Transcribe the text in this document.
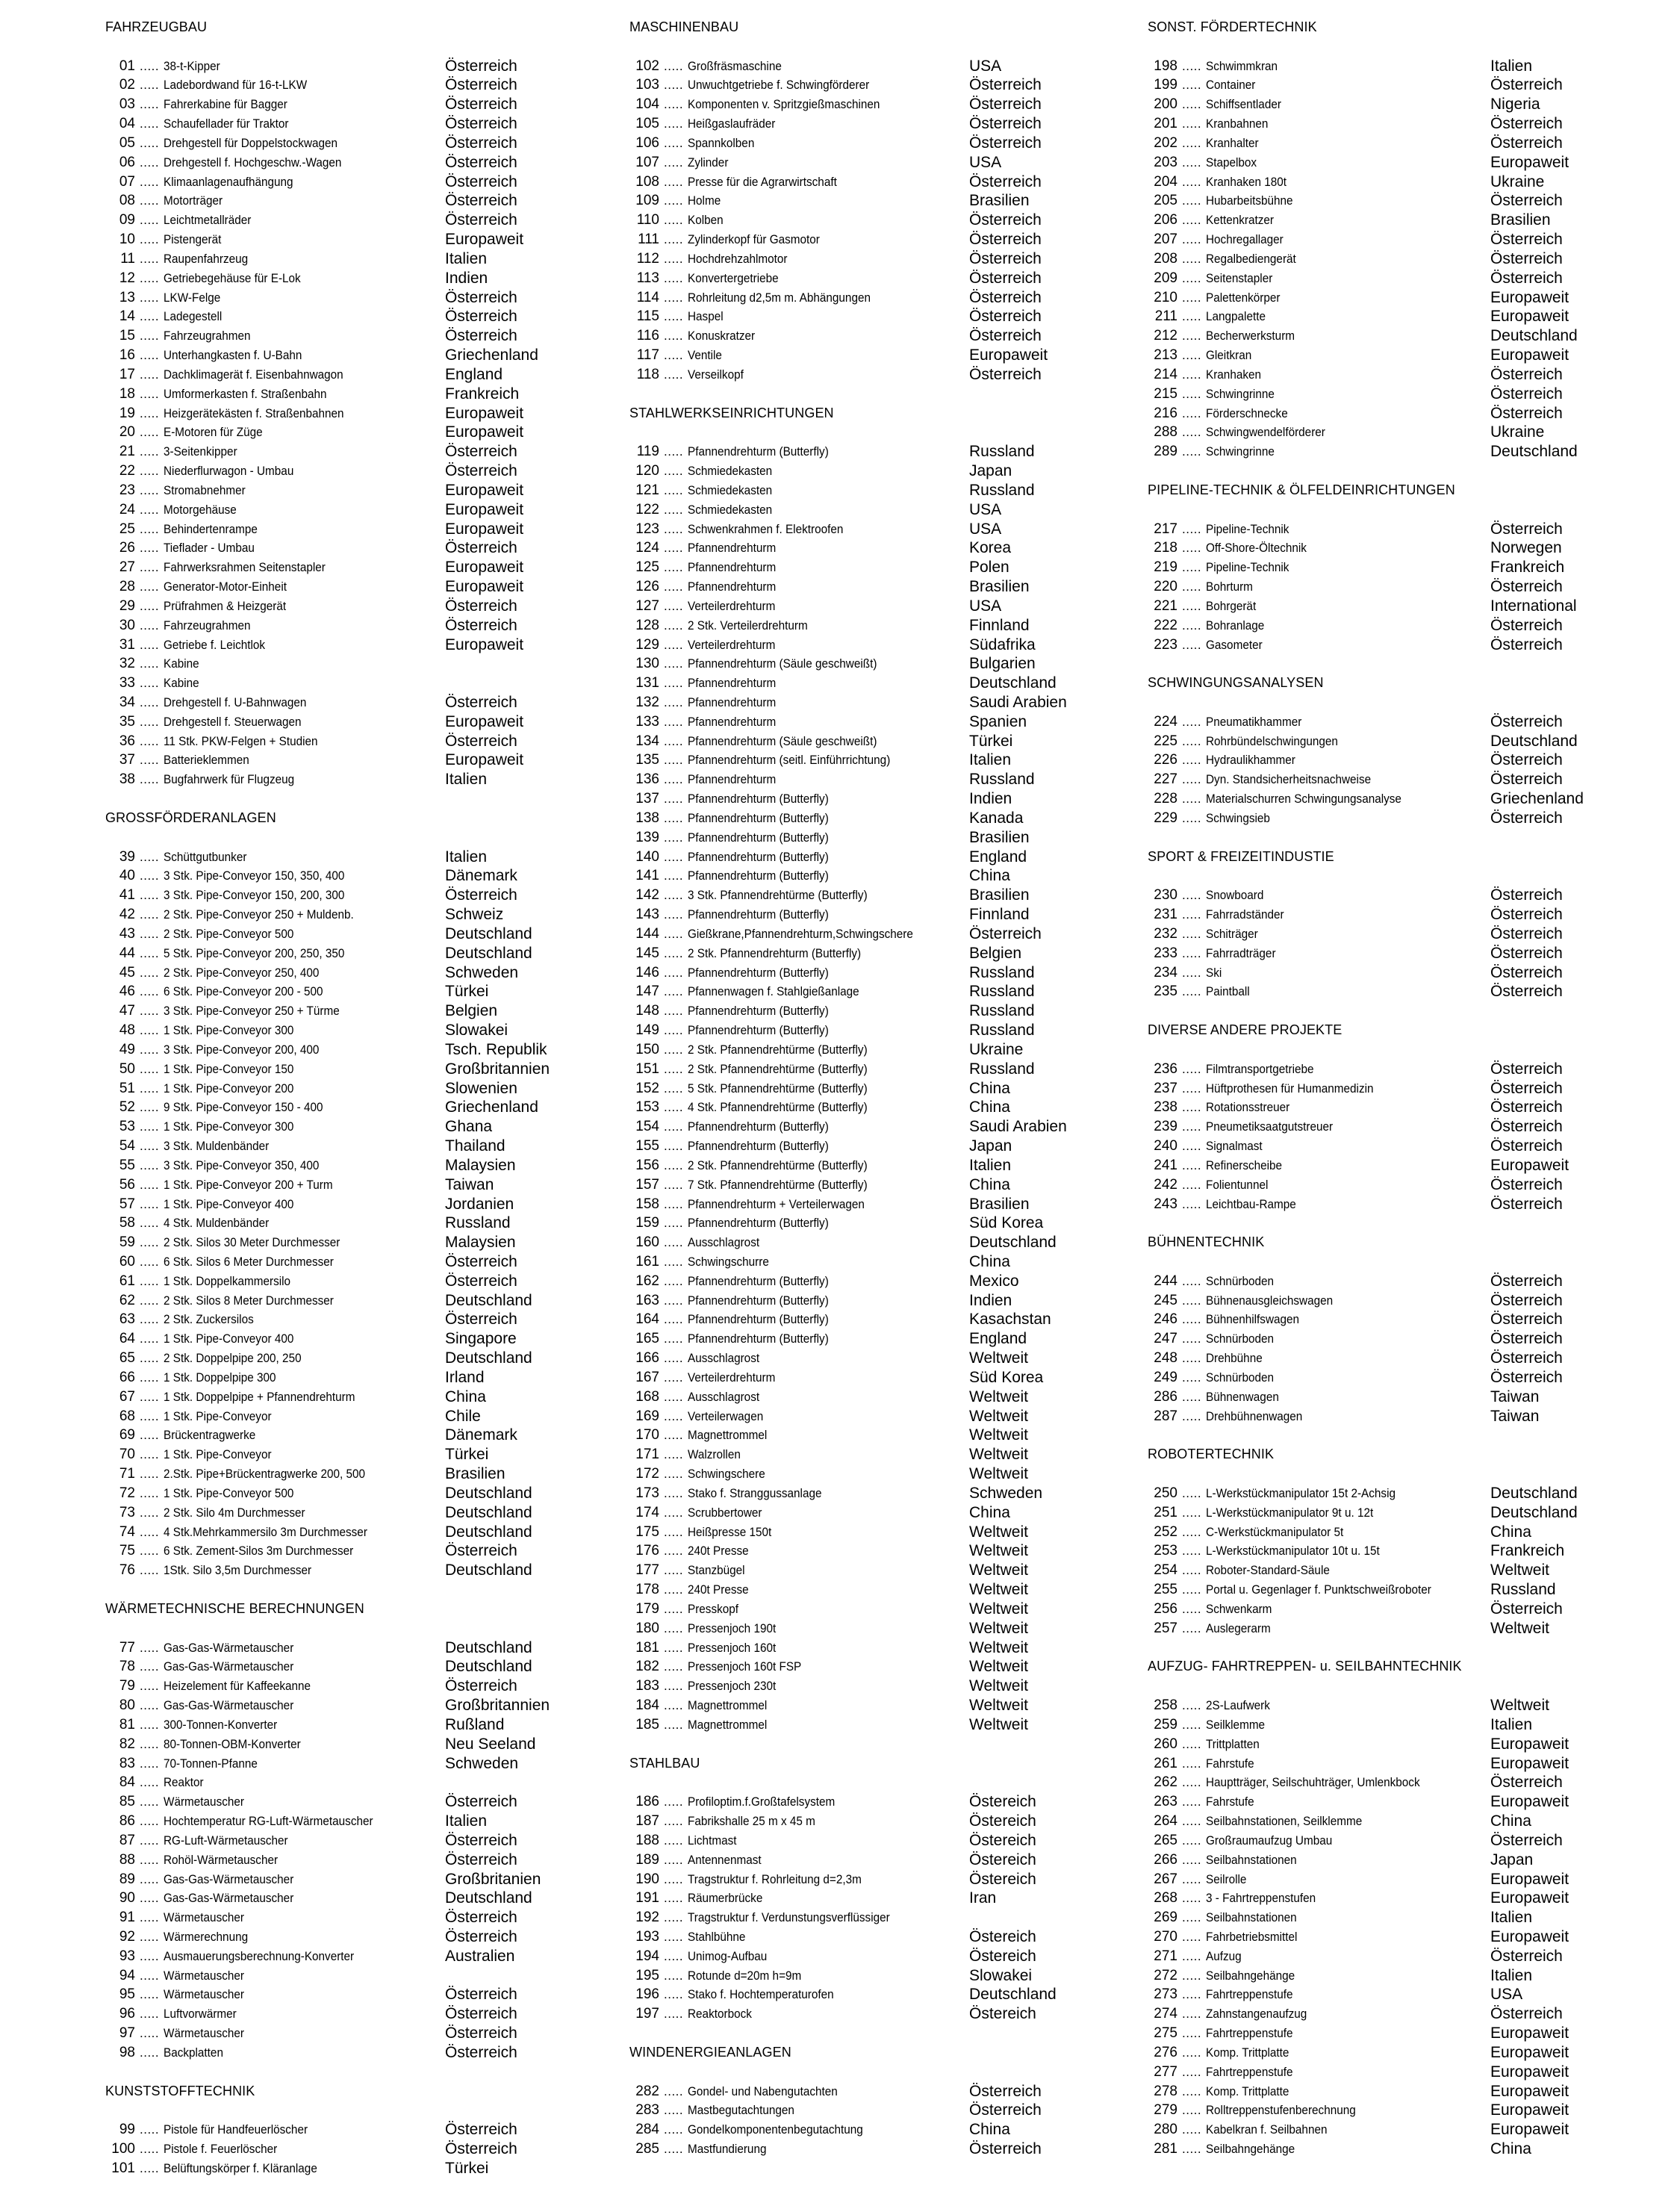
FAHRZEUGBAU
01 ..... 38-t-Kipper	Österreich
02 ..... Ladebordwand für 16-t-LKW	Österreich
03 ..... Fahrerkabine für Bagger	Österreich
04 ..... Schaufellader für Traktor	Österreich
05 ..... Drehgestell für Doppelstockwagen	Österreich
06 ..... Drehgestell f. Hochgeschw.-Wagen	Österreich
07 ..... Klimaanlagenaufhängung	Österreich
08 ..... Motorträger	Österreich
09 ..... Leichtmetallräder	Österreich
10 ..... Pistengerät	Europaweit
11 ..... Raupenfahrzeug	Italien
12 ..... Getriebegehäuse für E-Lok	Indien
13 ..... LKW-Felge	Österreich
14 ..... Ladegestell	Österreich
15 ..... Fahrzeugrahmen	Österreich
16 ..... Unterhangkasten f. U-Bahn	Griechenland
17 ..... Dachklimagerät f. Eisenbahnwagon	England
18 ..... Umformerkasten f. Straßenbahn	Frankreich
19 ..... Heizgerätekästen f. Straßenbahnen	Europaweit
20 ..... E-Motoren für Züge	Europaweit
21 ..... 3-Seitenkipper	Österreich
22 ..... Niederflurwagon - Umbau	Österreich
23 ..... Stromabnehmer	Europaweit
24 ..... Motorgehäuse	Europaweit
25 ..... Behindertenrampe	Europaweit
26 ..... Tieflader - Umbau	Österreich
27 ..... Fahrwerksrahmen Seitenstapler	Europaweit
28 ..... Generator-Motor-Einheit	Europaweit
29 ..... Prüfrahmen & Heizgerät	Österreich
30 ..... Fahrzeugrahmen	Österreich
31 ..... Getriebe f. Leichtlok	Europaweit
32 ..... Kabine
33 ..... Kabine
34 ..... Drehgestell f. U-Bahnwagen	Österreich
35 ..... Drehgestell f. Steuerwagen	Europaweit
36 ..... 11 Stk. PKW-Felgen + Studien	Österreich
37 ..... Batterieklemmen	Europaweit
38 ..... Bugfahrwerk für Flugzeug	Italien
GROSSFÖRDERANLAGEN
39 ..... Schüttgutbunker	Italien
40 ..... 3 Stk. Pipe-Conveyor 150, 350, 400	Dänemark
41 ..... 3 Stk. Pipe-Conveyor 150, 200, 300	Österreich
42 ..... 2 Stk. Pipe-Conveyor 250 + Muldenb.	Schweiz
43 ..... 2 Stk. Pipe-Conveyor 500	Deutschland
44 ..... 5 Stk. Pipe-Conveyor 200, 250, 350	Deutschland
45 ..... 2 Stk. Pipe-Conveyor 250, 400	Schweden
46 ..... 6 Stk. Pipe-Conveyor 200 - 500	Türkei
47 ..... 3 Stk. Pipe-Conveyor 250 + Türme	Belgien
48 ..... 1 Stk. Pipe-Conveyor 300	Slowakei
49 ..... 3 Stk. Pipe-Conveyor 200, 400	Tsch. Republik
50 ..... 1 Stk. Pipe-Conveyor 150	Großbritannien
51 ..... 1 Stk. Pipe-Conveyor 200	Slowenien
52 ..... 9 Stk. Pipe-Conveyor 150 - 400	Griechenland
53 ..... 1 Stk. Pipe-Conveyor 300	Ghana
54 ..... 3 Stk. Muldenbänder	Thailand
55 ..... 3 Stk. Pipe-Conveyor 350, 400	Malaysien
56 ..... 1 Stk. Pipe-Conveyor 200 + Turm	Taiwan
57 ..... 1 Stk. Pipe-Conveyor 400	Jordanien
58 ..... 4 Stk. Muldenbänder	Russland
59 ..... 2 Stk. Silos 30 Meter Durchmesser	Malaysien
60 ..... 6 Stk. Silos 6 Meter Durchmesser	Österreich
61 ..... 1 Stk. Doppelkammersilo	Österreich
62 ..... 2 Stk. Silos 8 Meter Durchmesser	Deutschland
63 ..... 2 Stk. Zuckersilos	Österreich
64 ..... 1 Stk. Pipe-Conveyor 400	Singapore
65 ..... 2 Stk. Doppelpipe 200, 250	Deutschland
66 ..... 1 Stk. Doppelpipe 300	Irland
67 ..... 1 Stk. Doppelpipe + Pfannendrehturm	China
68 ..... 1 Stk. Pipe-Conveyor	Chile
69 ..... Brückentragwerke	Dänemark
70 ..... 1 Stk. Pipe-Conveyor	Türkei
71 ..... 2.Stk. Pipe+Brückentragwerke 200, 500	Brasilien
72 ..... 1 Stk. Pipe-Conveyor 500	Deutschland
73 ..... 2 Stk. Silo 4m Durchmesser	Deutschland
74 ..... 4 Stk.Mehrkammersilo 3m Durchmesser	Deutschland
75 ..... 6 Stk. Zement-Silos 3m Durchmesser	Österreich
76 ..... 1Stk. Silo 3,5m Durchmesser	Deutschland
WÄRMETECHNISCHE BERECHNUNGEN
77 ..... Gas-Gas-Wärmetauscher	Deutschland
78 ..... Gas-Gas-Wärmetauscher	Deutschland
79 ..... Heizelement für Kaffeekanne	Österreich
80 ..... Gas-Gas-Wärmetauscher	Großbritannien
81 ..... 300-Tonnen-Konverter	Rußland
82 ..... 80-Tonnen-OBM-Konverter	Neu Seeland
83 ..... 70-Tonnen-Pfanne	Schweden
84 ..... Reaktor
85 ..... Wärmetauscher	Österreich
86 ..... Hochtemperatur RG-Luft-Wärmetauscher	Italien
87 ..... RG-Luft-Wärmetauscher	Österreich
88 ..... Rohöl-Wärmetauscher	Österreich
89 ..... Gas-Gas-Wärmetauscher	Großbritanien
90 ..... Gas-Gas-Wärmetauscher	Deutschland
91 ..... Wärmetauscher	Österreich
92 ..... Wärmerechnung	Österreich
93 ..... Ausmauerungsberechnung-Konverter	Australien
94 ..... Wärmetauscher
95 ..... Wärmetauscher	Österreich
96 ..... Luftvorwärmer	Österreich
97 ..... Wärmetauscher	Österreich
98 ..... Backplatten	Österreich
KUNSTSTOFFTECHNIK
99 ..... Pistole für Handfeuerlöscher	Österreich
100 ..... Pistole f. Feuerlöscher	Österreich
101 ..... Belüftungskörper f. Kläranlage	Türkei
MASCHINENBAU
102 ..... Großfräsmaschine	USA
103 ..... Unwuchtgetriebe f. Schwingförderer	Österreich
104 ..... Komponenten v. Spritzgießmaschinen	Österreich
105 ..... Heißgaslaufräder	Österreich
106 ..... Spannkolben	Österreich
107 ..... Zylinder	USA
108 ..... Presse für die Agrarwirtschaft	Österreich
109 ..... Holme	Brasilien
110 ..... Kolben	Österreich
111 ..... Zylinderkopf für Gasmotor	Österreich
112 ..... Hochdrehzahlmotor	Österreich
113 ..... Konvertergetriebe	Österreich
114 ..... Rohrleitung d2,5m m. Abhängungen	Österreich
115 ..... Haspel	Österreich
116 ..... Konuskratzer	Österreich
117 ..... Ventile	Europaweit
118 ..... Verseilkopf	Österreich
STAHLWERKSEINRICHTUNGEN
119 ..... Pfannendrehturm (Butterfly)	Russland
120 ..... Schmiedekasten	Japan
121 ..... Schmiedekasten	Russland
122 ..... Schmiedekasten	USA
123 ..... Schwenkrahmen f. Elektroofen	USA
124 ..... Pfannendrehturm	Korea
125 ..... Pfannendrehturm	Polen
126 ..... Pfannendrehturm	Brasilien
127 ..... Verteilerdrehturm	USA
128 ..... 2 Stk. Verteilerdrehturm	Finnland
129 ..... Verteilerdrehturm	Südafrika
130 ..... Pfannendrehturm (Säule geschweißt)	Bulgarien
131 ..... Pfannendrehturm	Deutschland
132 ..... Pfannendrehturm	Saudi Arabien
133 ..... Pfannendrehturm	Spanien
134 ..... Pfannendrehturm (Säule geschweißt)	Türkei
135 ..... Pfannendrehturm (seitl. Einführrichtung)	Italien
136 ..... Pfannendrehturm	Russland
137 ..... Pfannendrehturm (Butterfly)	Indien
138 ..... Pfannendrehturm (Butterfly)	Kanada
139 ..... Pfannendrehturm (Butterfly)	Brasilien
140 ..... Pfannendrehturm (Butterfly)	England
141 ..... Pfannendrehturm (Butterfly)	China
142 ..... 3 Stk. Pfannendrehtürme (Butterfly)	Brasilien
143 ..... Pfannendrehturm (Butterfly)	Finnland
144 ..... Gießkrane,Pfannendrehturm,Schwingschere	Österreich
145 ..... 2 Stk. Pfannendrehturm (Butterfly)	Belgien
146 ..... Pfannendrehturm (Butterfly)	Russland
147 ..... Pfannenwagen f. Stahlgießanlage	Russland
148 ..... Pfannendrehturm (Butterfly)	Russland
149 ..... Pfannendrehturm (Butterfly)	Russland
150 ..... 2 Stk. Pfannendrehtürme (Butterfly)	Ukraine
151 ..... 2 Stk. Pfannendrehtürme (Butterfly)	Russland
152 ..... 5 Stk. Pfannendrehtürme (Butterfly)	China
153 ..... 4 Stk. Pfannendrehtürme (Butterfly)	China
154 ..... Pfannendrehturm (Butterfly)	Saudi Arabien
155 ..... Pfannendrehturm (Butterfly)	Japan
156 ..... 2 Stk. Pfannendrehtürme (Butterfly)	Italien
157 ..... 7 Stk. Pfannendrehtürme (Butterfly)	China
158 ..... Pfannendrehturm + Verteilerwagen	Brasilien
159 ..... Pfannendrehturm (Butterfly)	Süd Korea
160 ..... Ausschlagrost	Deutschland
161 ..... Schwingschurre	China
162 ..... Pfannendrehturm (Butterfly)	Mexico
163 ..... Pfannendrehturm (Butterfly)	Indien
164 ..... Pfannendrehturm (Butterfly)	Kasachstan
165 ..... Pfannendrehturm (Butterfly)	England
166 ..... Ausschlagrost	Weltweit
167 ..... Verteilerdrehturm	Süd Korea
168 ..... Ausschlagrost	Weltweit
169 ..... Verteilerwagen	Weltweit
170 ..... Magnettrommel	Weltweit
171 ..... Walzrollen	Weltweit
172 ..... Schwingschere	Weltweit
173 ..... Stako f. Stranggussanlage	Schweden
174 ..... Scrubbertower	China
175 ..... Heißpresse 150t	Weltweit
176 ..... 240t Presse	Weltweit
177 ..... Stanzbügel	Weltweit
178 ..... 240t Presse	Weltweit
179 ..... Presskopf	Weltweit
180 ..... Pressenjoch 190t	Weltweit
181 ..... Pressenjoch 160t	Weltweit
182 ..... Pressenjoch 160t FSP	Weltweit
183 ..... Pressenjoch 230t	Weltweit
184 ..... Magnettrommel	Weltweit
185 ..... Magnettrommel	Weltweit
STAHLBAU
186 ..... Profiloptim.f.Großtafelsystem	Östereich
187 ..... Fabrikshalle 25 m x 45 m	Östereich
188 ..... Lichtmast	Östereich
189 ..... Antennenmast	Östereich
190 ..... Tragstruktur f. Rohrleitung d=2,3m	Östereich
191 ..... Räumerbrücke	Iran
192 ..... Tragstruktur f. Verdunstungsverflüssiger
193 ..... Stahlbühne	Östereich
194 ..... Unimog-Aufbau	Östereich
195 ..... Rotunde d=20m h=9m	Slowakei
196 ..... Stako f. Hochtemperaturofen	Deutschland
197 ..... Reaktorbock	Östereich
WINDENERGIEANLAGEN
282 ..... Gondel- und Nabengutachten	Österreich
283 ..... Mastbegutachtungen	Österreich
284 ..... Gondelkomponentenbegutachtung	China
285 ..... Mastfundierung	Österreich
SONST. FÖRDERTECHNIK
198 ..... Schwimmkran	Italien
199 ..... Container	Österreich
200 ..... Schiffsentlader	Nigeria
201 ..... Kranbahnen	Österreich
202 ..... Kranhalter	Österreich
203 ..... Stapelbox	Europaweit
204 ..... Kranhaken 180t	Ukraine
205 ..... Hubarbeitsbühne	Österreich
206 ..... Kettenkratzer	Brasilien
207 ..... Hochregallager	Österreich
208 ..... Regalbediengerät	Österreich
209 ..... Seitenstapler	Österreich
210 ..... Palettenkörper	Europaweit
211 ..... Langpalette	Europaweit
212 ..... Becherwerksturm	Deutschland
213 ..... Gleitkran	Europaweit
214 ..... Kranhaken	Österreich
215 ..... Schwingrinne	Österreich
216 ..... Förderschnecke	Österreich
288 ..... Schwingwendelförderer	Ukraine
289 ..... Schwingrinne	Deutschland
PIPELINE-TECHNIK & ÖLFELDEINRICHTUNGEN
217 ..... Pipeline-Technik	Österreich
218 ..... Off-Shore-Öltechnik	Norwegen
219 ..... Pipeline-Technik	Frankreich
220 ..... Bohrturm	Österreich
221 ..... Bohrgerät	International
222 ..... Bohranlage	Österreich
223 ..... Gasometer	Österreich
SCHWINGUNGSANALYSEN
224 ..... Pneumatikhammer	Österreich
225 ..... Rohrbündelschwingungen	Deutschland
226 ..... Hydraulikhammer	Österreich
227 ..... Dyn. Standsicherheitsnachweise	Österreich
228 ..... Materialschurren Schwingungsanalyse	Griechenland
229 ..... Schwingsieb	Österreich
SPORT & FREIZEITINDUSTIE
230 ..... Snowboard	Österreich
231 ..... Fahrradständer	Österreich
232 ..... Schiträger	Österreich
233 ..... Fahrradträger	Österreich
234 ..... Ski	Österreich
235 ..... Paintball	Österreich
DIVERSE ANDERE PROJEKTE
236 ..... Filmtransportgetriebe	Österreich
237 ..... Hüftprothesen für Humanmedizin	Österreich
238 ..... Rotationsstreuer	Österreich
239 ..... Pneumetiksaatgutstreuer	Österreich
240 ..... Signalmast	Österreich
241 ..... Refinerscheibe	Europaweit
242 ..... Folientunnel	Österreich
243 ..... Leichtbau-Rampe	Österreich
BÜHNENTECHNIK
244 ..... Schnürboden	Österreich
245 ..... Bühnenausgleichswagen	Österreich
246 ..... Bühnenhilfswagen	Österreich
247 ..... Schnürboden	Österreich
248 ..... Drehbühne	Österreich
249 ..... Schnürboden	Österreich
286 ..... Bühnenwagen	Taiwan
287 ..... Drehbühnenwagen	Taiwan
ROBOTERTECHNIK
250 ..... L-Werkstückmanipulator 15t 2-Achsig	Deutschland
251 ..... L-Werkstückmanipulator 9t u. 12t	Deutschland
252 ..... C-Werkstückmanipulator 5t	China
253 ..... L-Werkstückmanipulator 10t u. 15t	Frankreich
254 ..... Roboter-Standard-Säule	Weltweit
255 ..... Portal u. Gegenlager f. Punktschweißroboter	Russland
256 ..... Schwenkarm	Österreich
257 ..... Auslegerarm	Weltweit
AUFZUG- FAHRTREPPEN- u. SEILBAHNTECHNIK
258 ..... 2S-Laufwerk	Weltweit
259 ..... Seilklemme	Italien
260 ..... Trittplatten	Europaweit
261 ..... Fahrstufe	Europaweit
262 ..... Hauptträger, Seilschuhträger, Umlenkbock	Österreich
263 ..... Fahrstufe	Europaweit
264 ..... Seilbahnstationen, Seilklemme	China
265 ..... Großraumaufzug Umbau	Österreich
266 ..... Seilbahnstationen	Japan
267 ..... Seilrolle	Europaweit
268 ..... 3 - Fahrtreppenstufen	Europaweit
269 ..... Seilbahnstationen	Italien
270 ..... Fahrbetriebsmittel	Europaweit
271 ..... Aufzug	Österreich
272 ..... Seilbahngehänge	Italien
273 ..... Fahrtreppenstufe	USA
274 ..... Zahnstangenaufzug	Österreich
275 ..... Fahrtreppenstufe	Europaweit
276 ..... Komp. Trittplatte	Europaweit
277 ..... Fahrtreppenstufe	Europaweit
278 ..... Komp. Trittplatte	Europaweit
279 ..... Rolltreppenstufenberechnung	Europaweit
280 ..... Kabelkran f. Seilbahnen	Europaweit
281 ..... Seilbahngehänge	China
